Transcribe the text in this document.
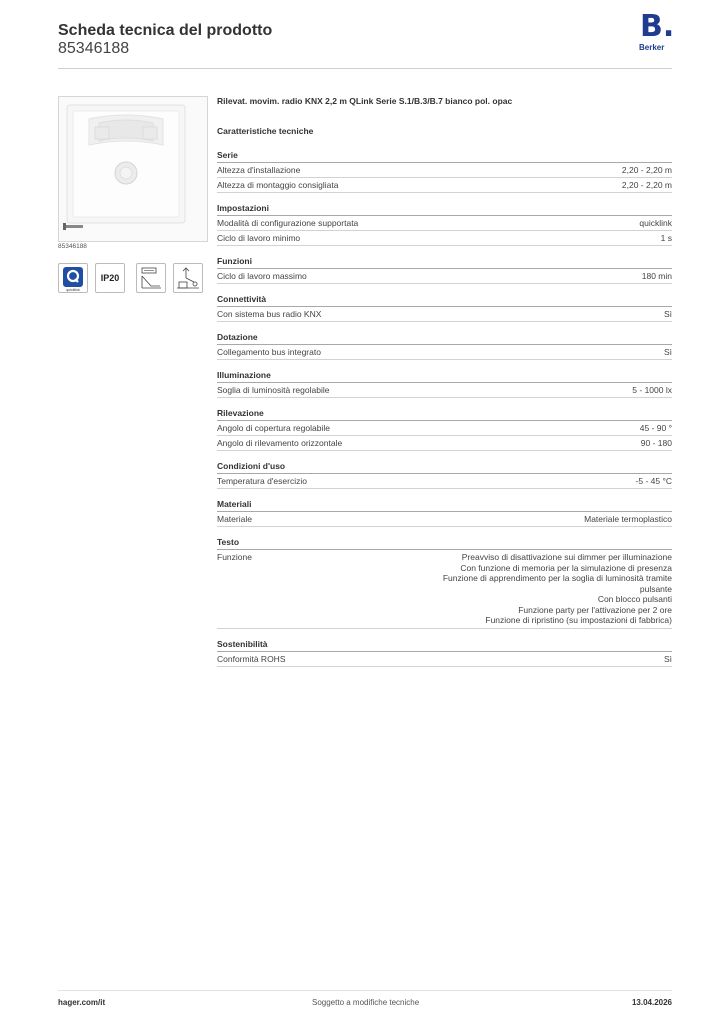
Scheda tecnica del prodotto
85346188
B.
Berker
85346188
quicklink
IP20
Rilevat. movim. radio KNX 2,2 m QLink Serie S.1/B.3/B.7 bianco pol. opac
Caratteristiche tecniche
Serie
Altezza d'installazione	2,20 - 2,20 m
Altezza di montaggio consigliata	2,20 - 2,20 m
Impostazioni
Modalità di configurazione supportata	quicklink
Ciclo di lavoro minimo	1 s
Funzioni
Ciclo di lavoro massimo	180 min
Connettività
Con sistema bus radio KNX	Sì
Dotazione
Collegamento bus integrato	Sì
Illuminazione
Soglia di luminosità regolabile	5 - 1000 lx
Rilevazione
Angolo di copertura regolabile	45 - 90 °
Angolo di rilevamento orizzontale	90 - 180
Condizioni d'uso
Temperatura d'esercizio	-5 - 45 °C
Materiali
Materiale	Materiale termoplastico
Testo
Funzione	Preavviso di disattivazione sui dimmer per illuminazione
Con funzione di memoria per la simulazione di presenza
Funzione di apprendimento per la soglia di luminosità tramite
pulsante
Con blocco pulsanti
Funzione party per l'attivazione per 2 ore
Funzione di ripristino (su impostazioni di fabbrica)
Sostenibilità
Conformità ROHS	Sì
hager.com/it	Soggetto a modifiche tecniche	13.04.2026
